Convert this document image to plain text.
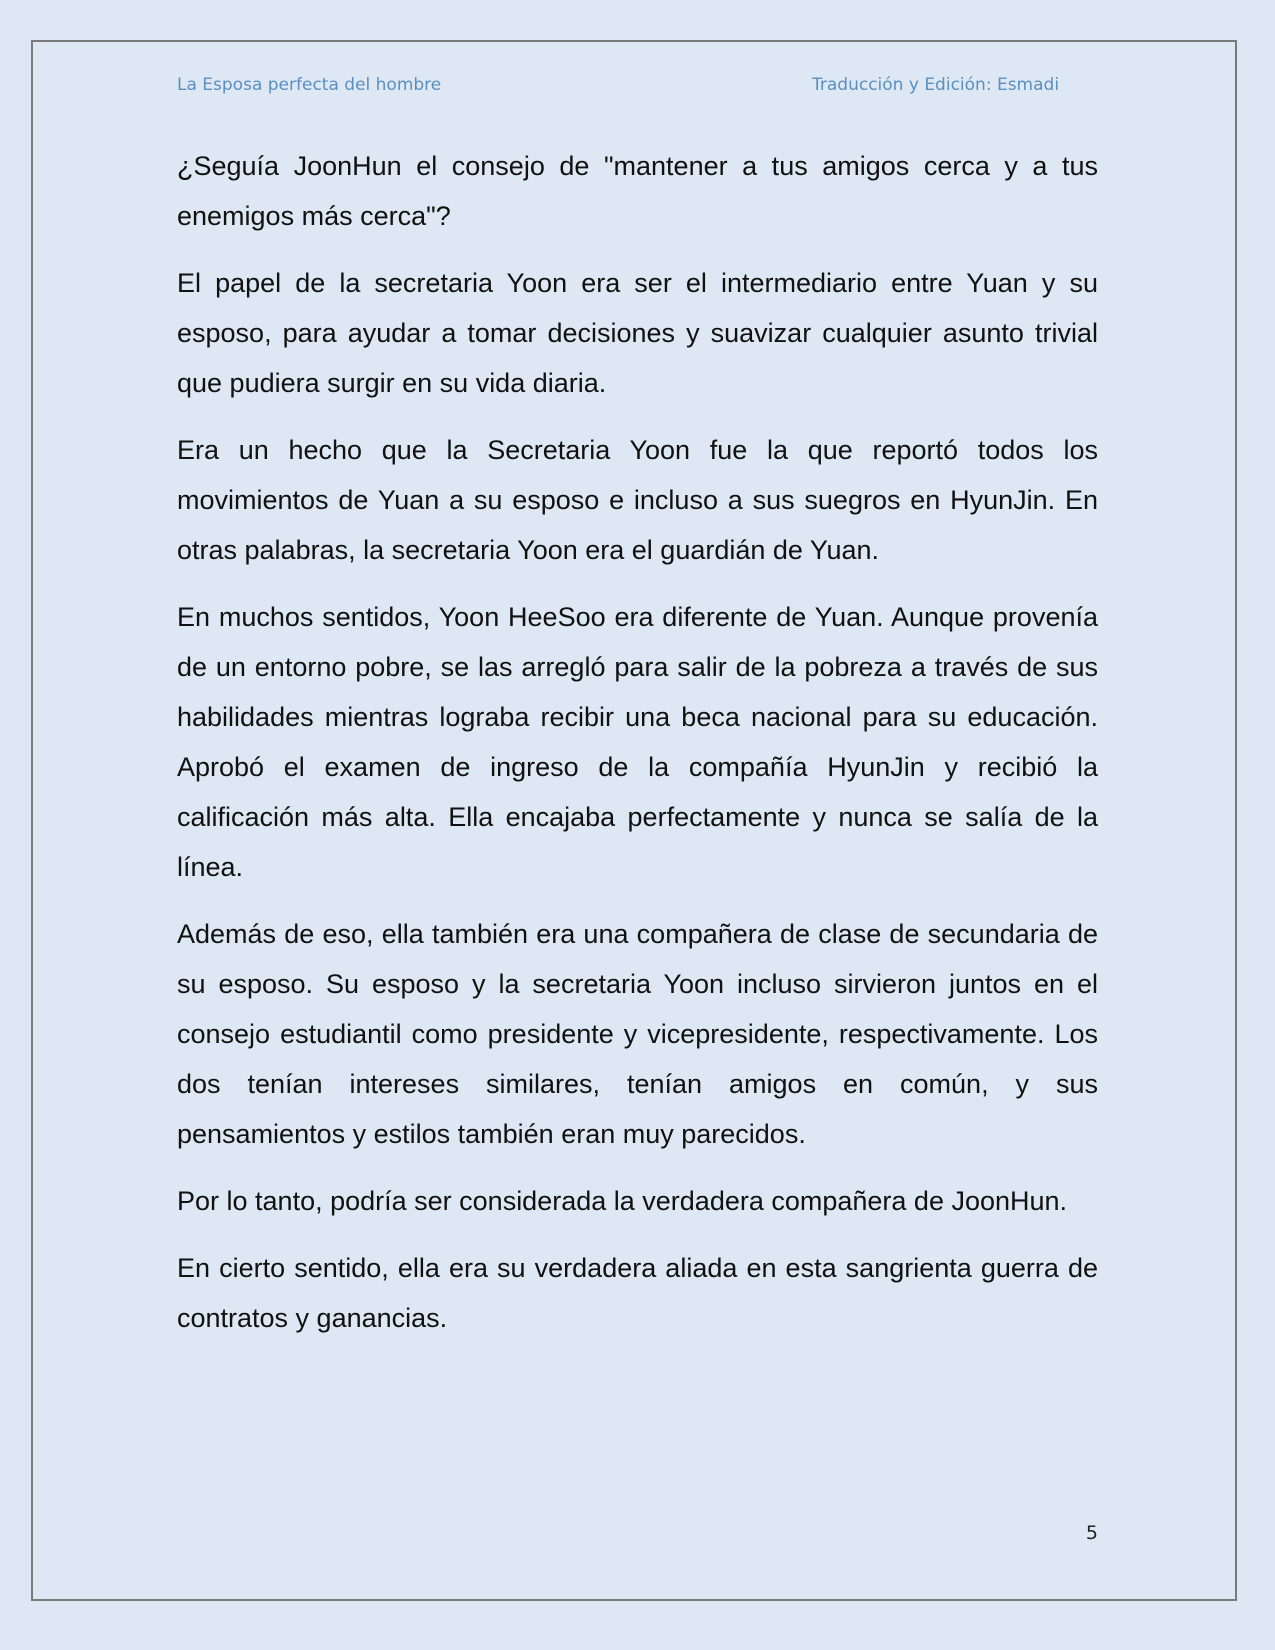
La Esposa perfecta del hombre	Traducción y Edición: Esmadi

¿Seguía JoonHun el consejo de "mantener a tus amigos cerca y a tus enemigos más cerca"?

El papel de la secretaria Yoon era ser el intermediario entre Yuan y su esposo, para ayudar a tomar decisiones y suavizar cualquier asunto trivial que pudiera surgir en su vida diaria.

Era un hecho que la Secretaria Yoon fue la que reportó todos los movimientos de Yuan a su esposo e incluso a sus suegros en HyunJin. En otras palabras, la secretaria Yoon era el guardián de Yuan.

En muchos sentidos, Yoon HeeSoo era diferente de Yuan. Aunque provenía de un entorno pobre, se las arregló para salir de la pobreza a través de sus habilidades mientras lograba recibir una beca nacional para su educación. Aprobó el examen de ingreso de la compañía HyunJin y recibió la calificación más alta. Ella encajaba perfectamente y nunca se salía de la línea.

Además de eso, ella también era una compañera de clase de secundaria de su esposo. Su esposo y la secretaria Yoon incluso sirvieron juntos en el consejo estudiantil como presidente y vicepresidente, respectivamente. Los dos tenían intereses similares, tenían amigos en común, y sus pensamientos y estilos también eran muy parecidos.

Por lo tanto, podría ser considerada la verdadera compañera de JoonHun.

En cierto sentido, ella era su verdadera aliada en esta sangrienta guerra de contratos y ganancias.

5
